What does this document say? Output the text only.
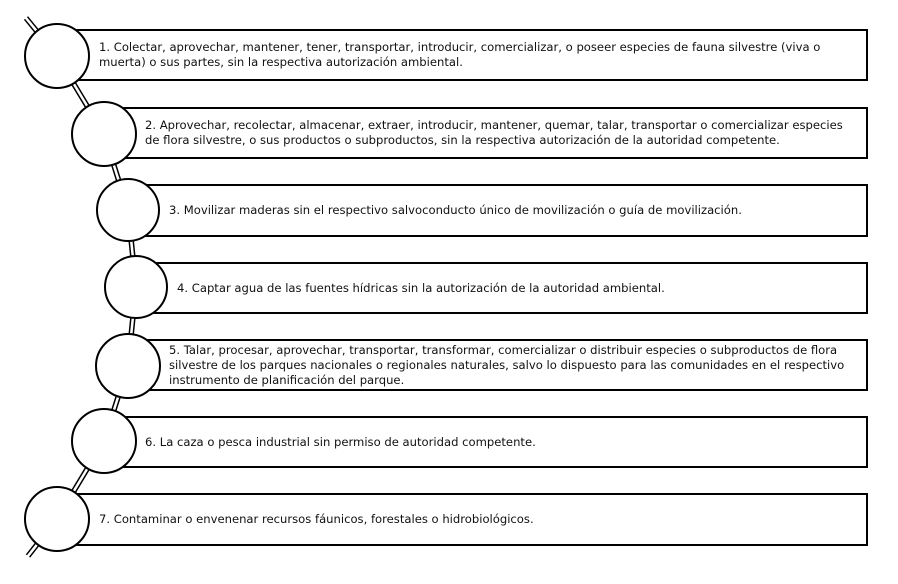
1. Colectar, aprovechar, mantener, tener, transportar, introducir, comercializar, o poseer especies de fauna silvestre (viva o muerta) o sus partes, sin la respectiva autorización ambiental.
2. Aprovechar, recolectar, almacenar, extraer, introducir, mantener, quemar, talar, transportar o comercializar especies de flora silvestre, o sus productos o subproductos, sin la respectiva autorización de la autoridad competente.
3. Movilizar maderas sin el respectivo salvoconducto único de movilización o guía de movilización.
4. Captar agua de las fuentes hídricas sin la autorización de la autoridad ambiental.
5. Talar, procesar, aprovechar, transportar, transformar, comercializar o distribuir especies o subproductos de flora silvestre de los parques nacionales o regionales naturales, salvo lo dispuesto para las comunidades en el respectivo instrumento de planificación del parque.
6. La caza o pesca industrial sin permiso de autoridad competente.
7. Contaminar o envenenar recursos fáunicos, forestales o hidrobiológicos.
